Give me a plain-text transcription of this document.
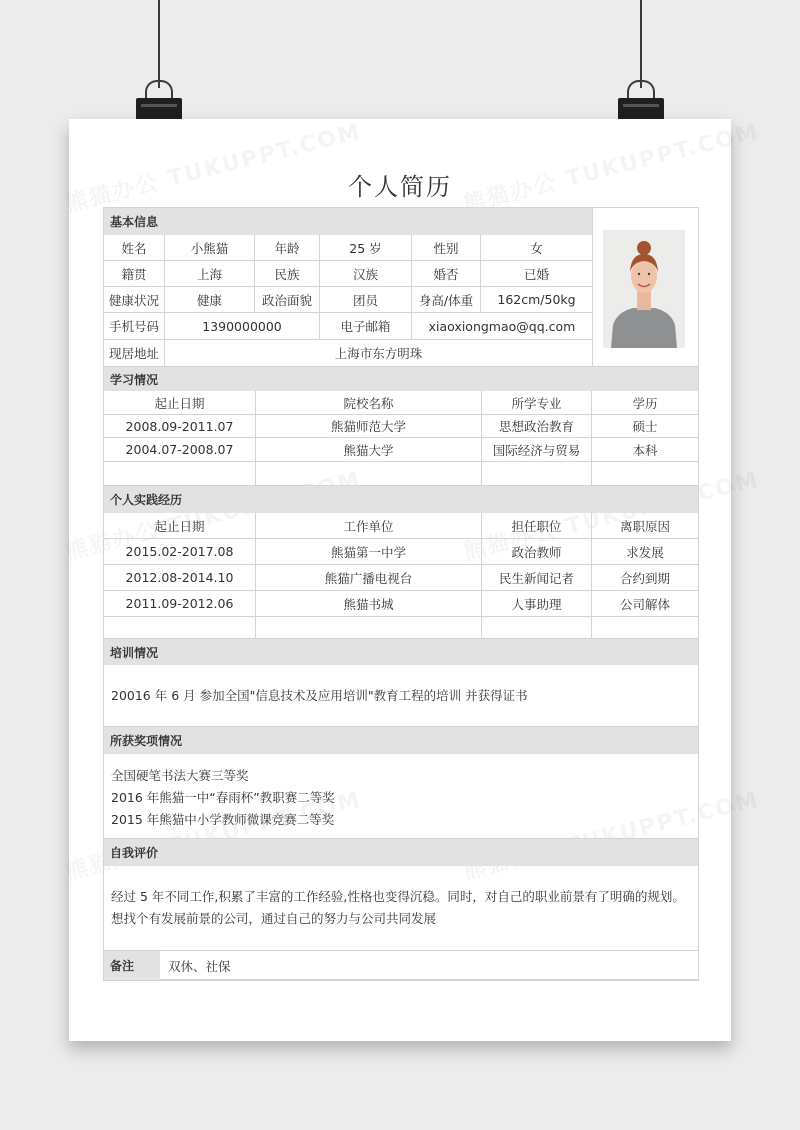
个人简历
基本信息
姓名	小熊猫	年龄	25 岁	性别	女
籍贯	上海	民族	汉族	婚否	已婚
健康状况	健康	政治面貌	团员	身高/体重	162cm/50kg
手机号码	1390000000	电子邮箱	xiaoxiongmao@qq.com
现居地址	上海市东方明珠
学习情况
起止日期	院校名称	所学专业	学历
2008.09-2011.07	熊猫师范大学	思想政治教育	硕士
2004.07-2008.07	熊猫大学	国际经济与贸易	本科
个人实践经历
起止日期	工作单位	担任职位	离职原因
2015.02-2017.08	熊猫第一中学	政治教师	求发展
2012.08-2014.10	熊猫广播电视台	民生新闻记者	合约到期
2011.09-2012.06	熊猫书城	人事助理	公司解体
培训情况
20016 年 6 月 参加全国"信息技术及应用培训"教育工程的培训 并获得证书
所获奖项情况
全国硬笔书法大赛三等奖
2016 年熊猫一中“春雨杯”教职赛二等奖
2015 年熊猫中小学教师微课竞赛二等奖
自我评价
经过 5 年不同工作,积累了丰富的工作经验,性格也变得沉稳。同时，对自己的职业前景有了明确的规划。
想找个有发展前景的公司，通过自己的努力与公司共同发展
备注	双休、社保
